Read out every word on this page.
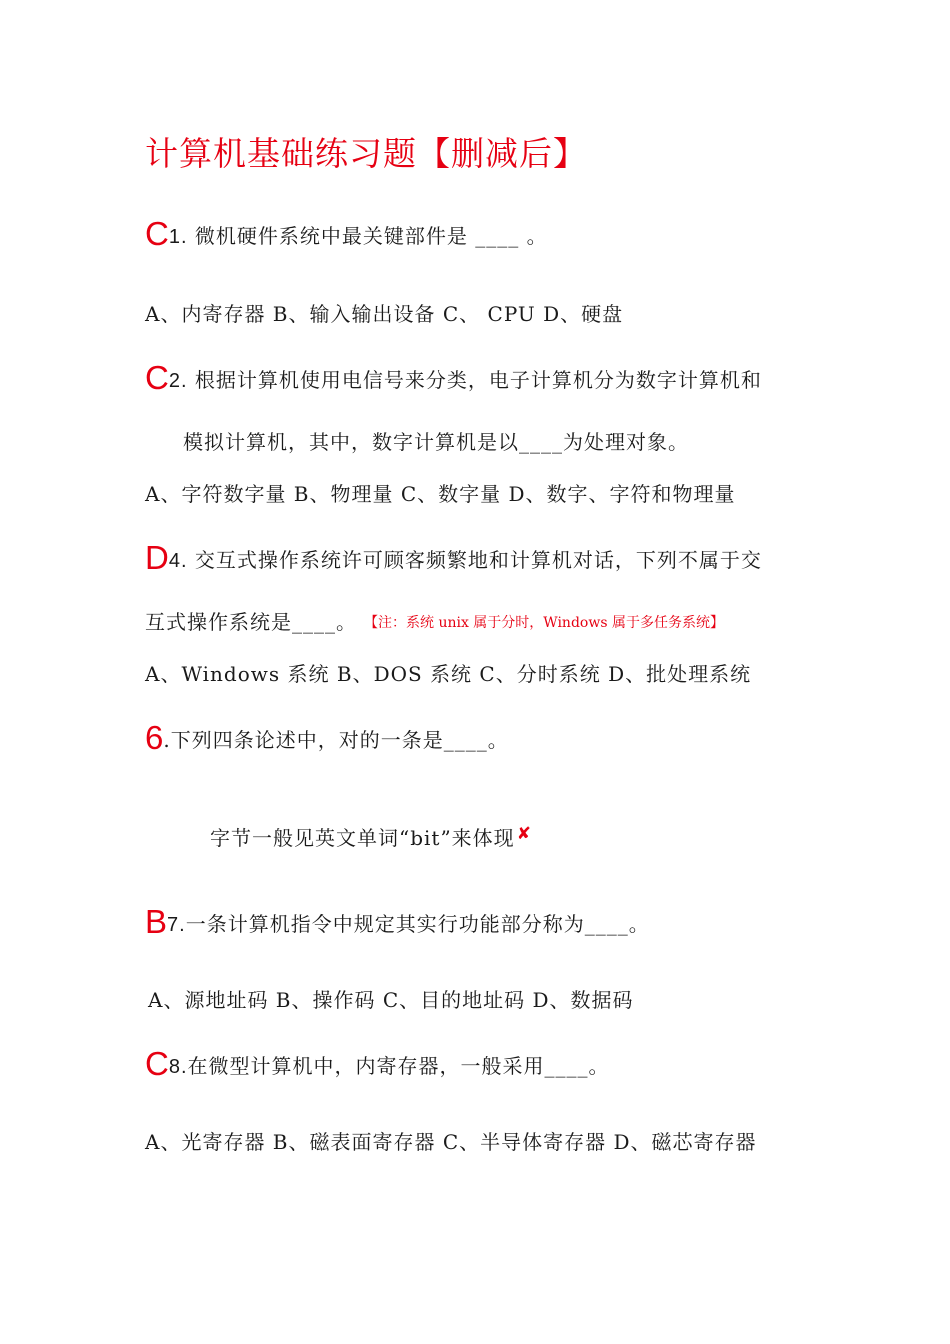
计算机基础练习题【删减后】
C1. 微机硬件系统中最关键部件是 ____ 。
A、内寄存器 B、输入输出设备 C、 CPU D、硬盘
C2. 根据计算机使用电信号来分类，电子计算机分为数字计算机和
模拟计算机，其中，数字计算机是以____为处理对象。
A、字符数字量 B、物理量 C、数字量 D、数字、字符和物理量
D4. 交互式操作系统许可顾客频繁地和计算机对话，下列不属于交
互式操作系统是____。 【注：系统 unix 属于分时，Windows 属于多任务系统】
A、Windows 系统 B、DOS 系统 C、分时系统 D、批处理系统
6.下列四条论述中，对的一条是____。
字节一般见英文单词“bit”来体现 ✘
B7.一条计算机指令中规定其实行功能部分称为____。
A、源地址码 B、操作码 C、目的地址码 D、数据码
C8.在微型计算机中，内寄存器，一般采用____。
A、光寄存器 B、磁表面寄存器 C、半导体寄存器 D、磁芯寄存器
